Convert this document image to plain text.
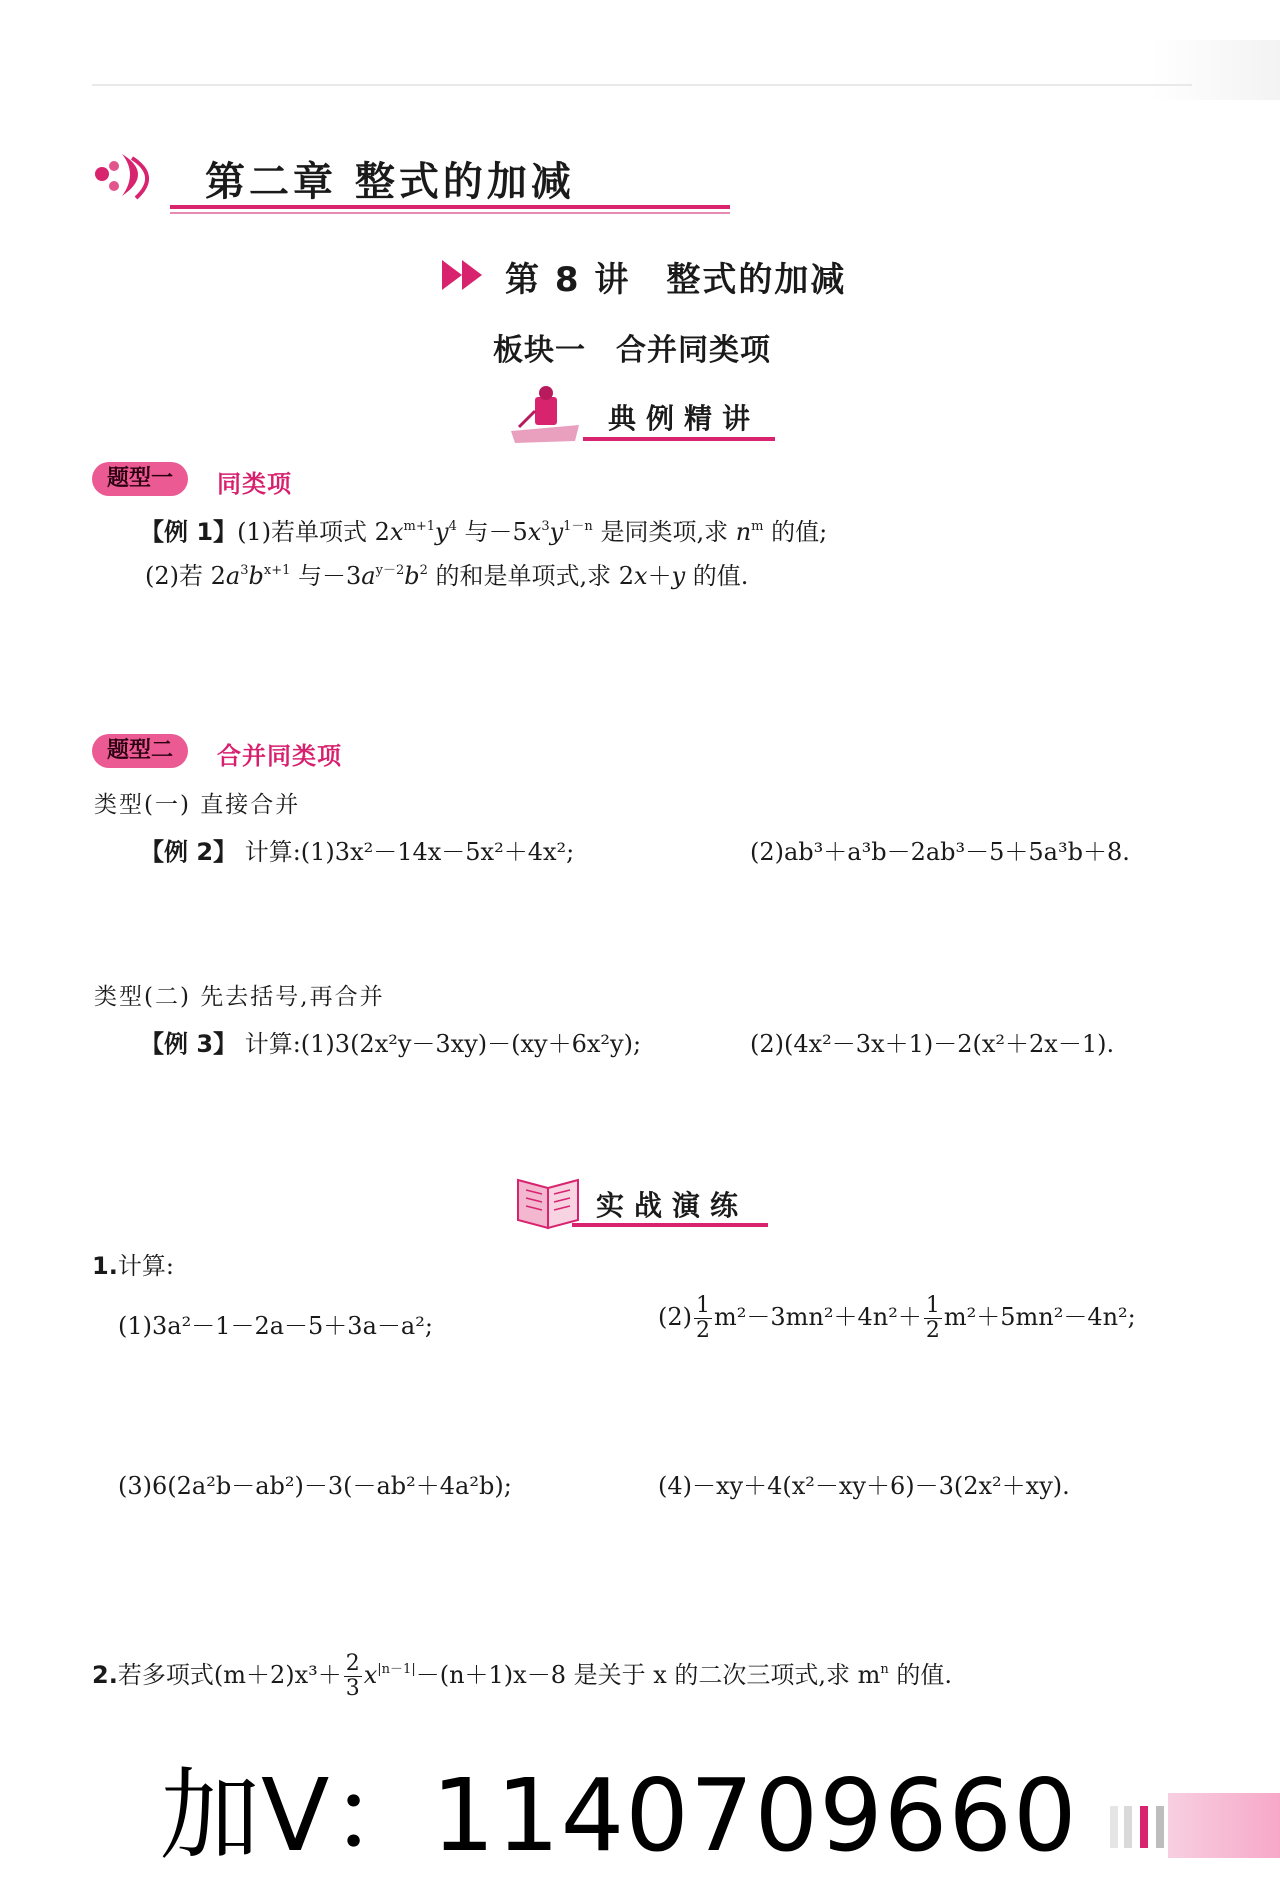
第二章 整式的加减
第 8 讲 整式的加减
板块一 合并同类项
典例精讲
题型一	同类项
【例 1】(1)若单项式 $2x^{m+1}y^4$ 与$-5x^3y^{1-n}$ 是同类项,求 $n^m$ 的值;
(2)若 $2a^3b^{x+1}$ 与$-3a^{y-2}b^2$ 的和是单项式,求 2x＋y 的值.
题型二	合并同类项
类型(一) 直接合并
【例 2】 计算:(1)3x²－14x－5x²＋4x²;	(2)ab³＋a³b－2ab³－5＋5a³b＋8.
类型(二) 先去括号,再合并
【例 3】 计算:(1)3(2x²y－3xy)－(xy＋6x²y);	(2)(4x²－3x＋1)－2(x²＋2x－1).
实战演练
1.计算:
(1)3a²－1－2a－5＋3a－a²;	$(2) \frac{1}{2} m^2-3mn^2+4n^2+ \frac{1}{2} m^2+5mn^2-4n^2$;
(3)6(2a²b－ab²)－3(－ab²＋4a²b);	(4)－xy＋4(x²－xy＋6)－3(2x²＋xy).
2.若多项式$(m+2)x^3+ \frac{2}{3} x^{|n-1|}-(n+1)x-8$ 是关于 x 的二次三项式,求 $m^n$ 的值.
加V：1140709660
